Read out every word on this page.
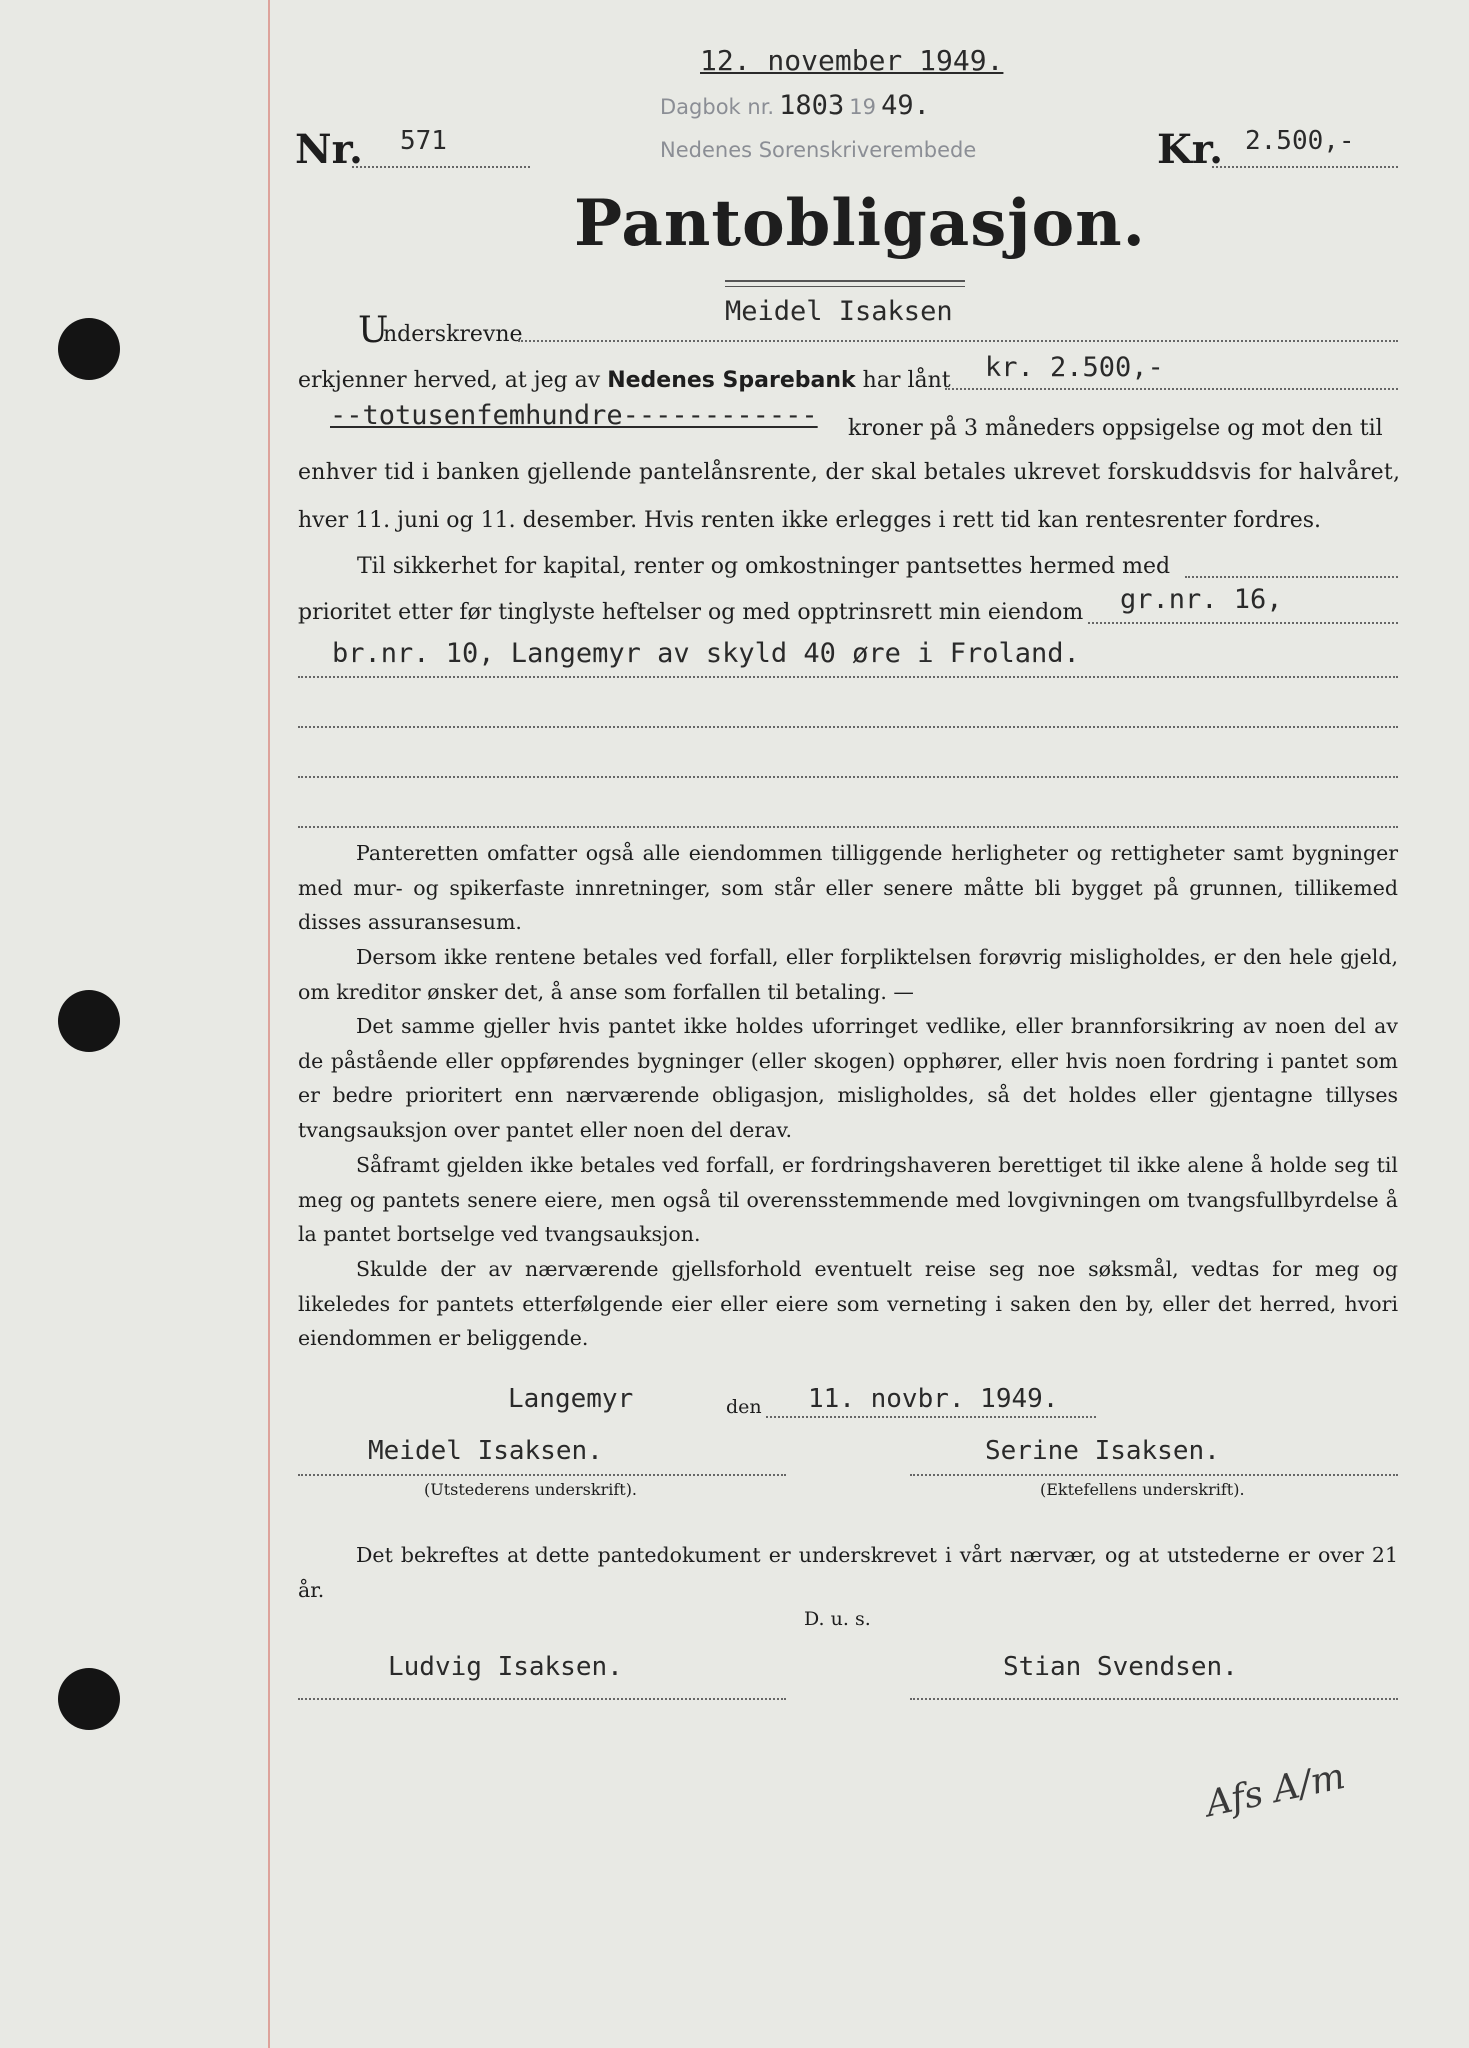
12. november 1949.
Dagbok nr. 1803 19 49.
Nedenes Sorenskriverembede
Nr. 571	Kr. 2.500,-
Pantobligasjon.
U
nderskrevne
Meidel Isaksen
erkjenner herved, at jeg av Nedenes Sparebank har lånt kr. 2.500,-
--totusenfemhundre------------ kroner på 3 måneders oppsigelse og mot den til
enhver tid i banken gjellende pantelånsrente, der skal betales ukrevet forskuddsvis for halvåret,
hver 11. juni og 11. desember. Hvis renten ikke erlegges i rett tid kan rentesrenter fordres.
Til sikkerhet for kapital, renter og omkostninger pantsettes hermed med
prioritet etter før tinglyste heftelser og med opptrinsrett min eiendom gr.nr. 16,
br.nr. 10, Langemyr av skyld 40 øre i Froland.
Panteretten omfatter også alle eiendommen tilliggende herligheter og rettigheter samt bygninger med mur- og spikerfaste innretninger, som står eller senere måtte bli bygget på grunnen, tillikemed disses assuransesum.
Dersom ikke rentene betales ved forfall, eller forpliktelsen forøvrig misligholdes, er den hele gjeld, om kreditor ønsker det, å anse som forfallen til betaling. —
Det samme gjeller hvis pantet ikke holdes uforringet vedlike, eller brannforsikring av noen del av de påstående eller oppførendes bygninger (eller skogen) opphører, eller hvis noen fordring i pantet som er bedre prioritert enn nærværende obligasjon, misligholdes, så det holdes eller gjentagne tillyses tvangsauksjon over pantet eller noen del derav.
Såframt gjelden ikke betales ved forfall, er fordringshaveren berettiget til ikke alene å holde seg til meg og pantets senere eiere, men også til overensstemmende med lovgivningen om tvangsfullbyrdelse å la pantet bortselge ved tvangsauksjon.
Skulde der av nærværende gjellsforhold eventuelt reise seg noe søksmål, vedtas for meg og likeledes for pantets etterfølgende eier eller eiere som verneting i saken den by, eller det herred, hvori eiendommen er beliggende.
Langemyr	den 11. novbr. 1949.
Meidel Isaksen.
(Utstederens underskrift).
Serine Isaksen.
(Ektefellens underskrift).
Det bekreftes at dette pantedokument er underskrevet i vårt nærvær, og at utstederne er over 21 år.
D. u. s.
Ludvig Isaksen.	Stian Svendsen.
Afs A/m
